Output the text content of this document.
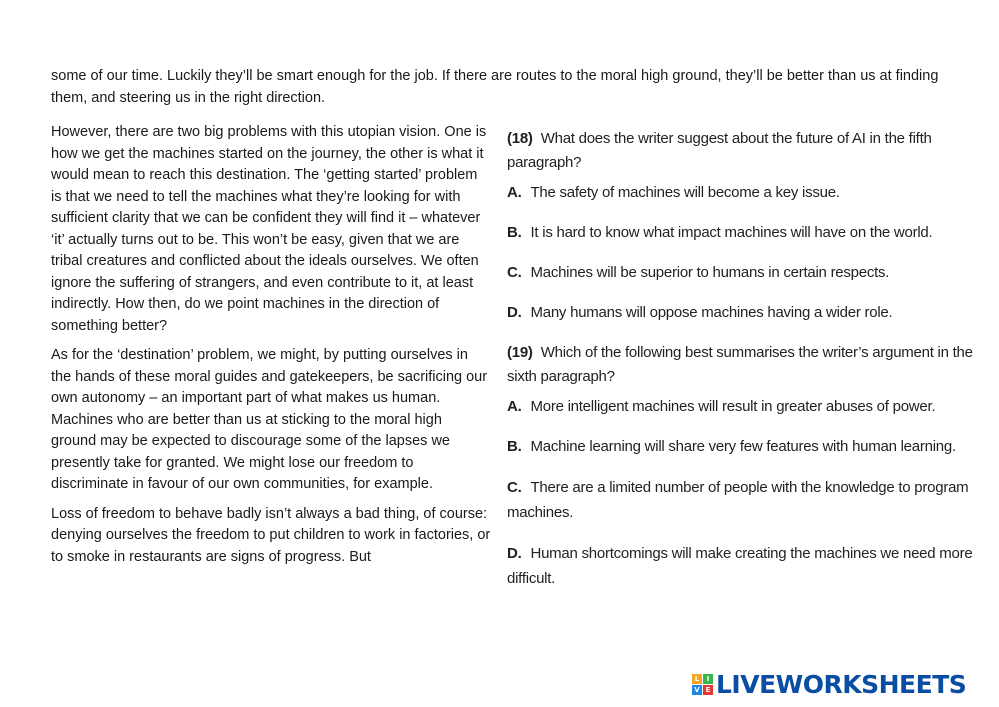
some of our time. Luckily they’ll be smart enough for the job. If there are routes to the moral high ground, they’ll be better than us at finding them, and steering us in the right direction.

However, there are two big problems with this utopian vision. One is how we get the machines started on the journey, the other is what it would mean to reach this destination. The ‘getting started’ problem is that we need to tell the machines what they’re looking for with sufficient clarity that we can be confident they will find it – whatever ‘it’ actually turns out to be. This won’t be easy, given that we are tribal creatures and conflicted about the ideals ourselves. We often ignore the suffering of strangers, and even contribute to it, at least indirectly. How then, do we point machines in the direction of something better?

As for the ‘destination’ problem, we might, by putting ourselves in the hands of these moral guides and gatekeepers, be sacrificing our own autonomy – an important part of what makes us human. Machines who are better than us at sticking to the moral high ground may be expected to discourage some of the lapses we presently take for granted. We might lose our freedom to discriminate in favour of our own communities, for example.

Loss of freedom to behave badly isn’t always a bad thing, of course: denying ourselves the freedom to put children to work in factories, or to smoke in restaurants are signs of progress. But

(18) What does the writer suggest about the future of AI in the fifth paragraph?
A. The safety of machines will become a key issue.
B. It is hard to know what impact machines will have on the world.
C. Machines will be superior to humans in certain respects.
D. Many humans will oppose machines having a wider role.
(19) Which of the following best summarises the writer’s argument in the sixth paragraph?
A. More intelligent machines will result in greater abuses of power.
B. Machine learning will share very few features with human learning.
C. There are a limited number of people with the knowledge to program machines.
D. Human shortcomings will make creating the machines we need more difficult.
L	I
V E LIVEWORKSHEETS
